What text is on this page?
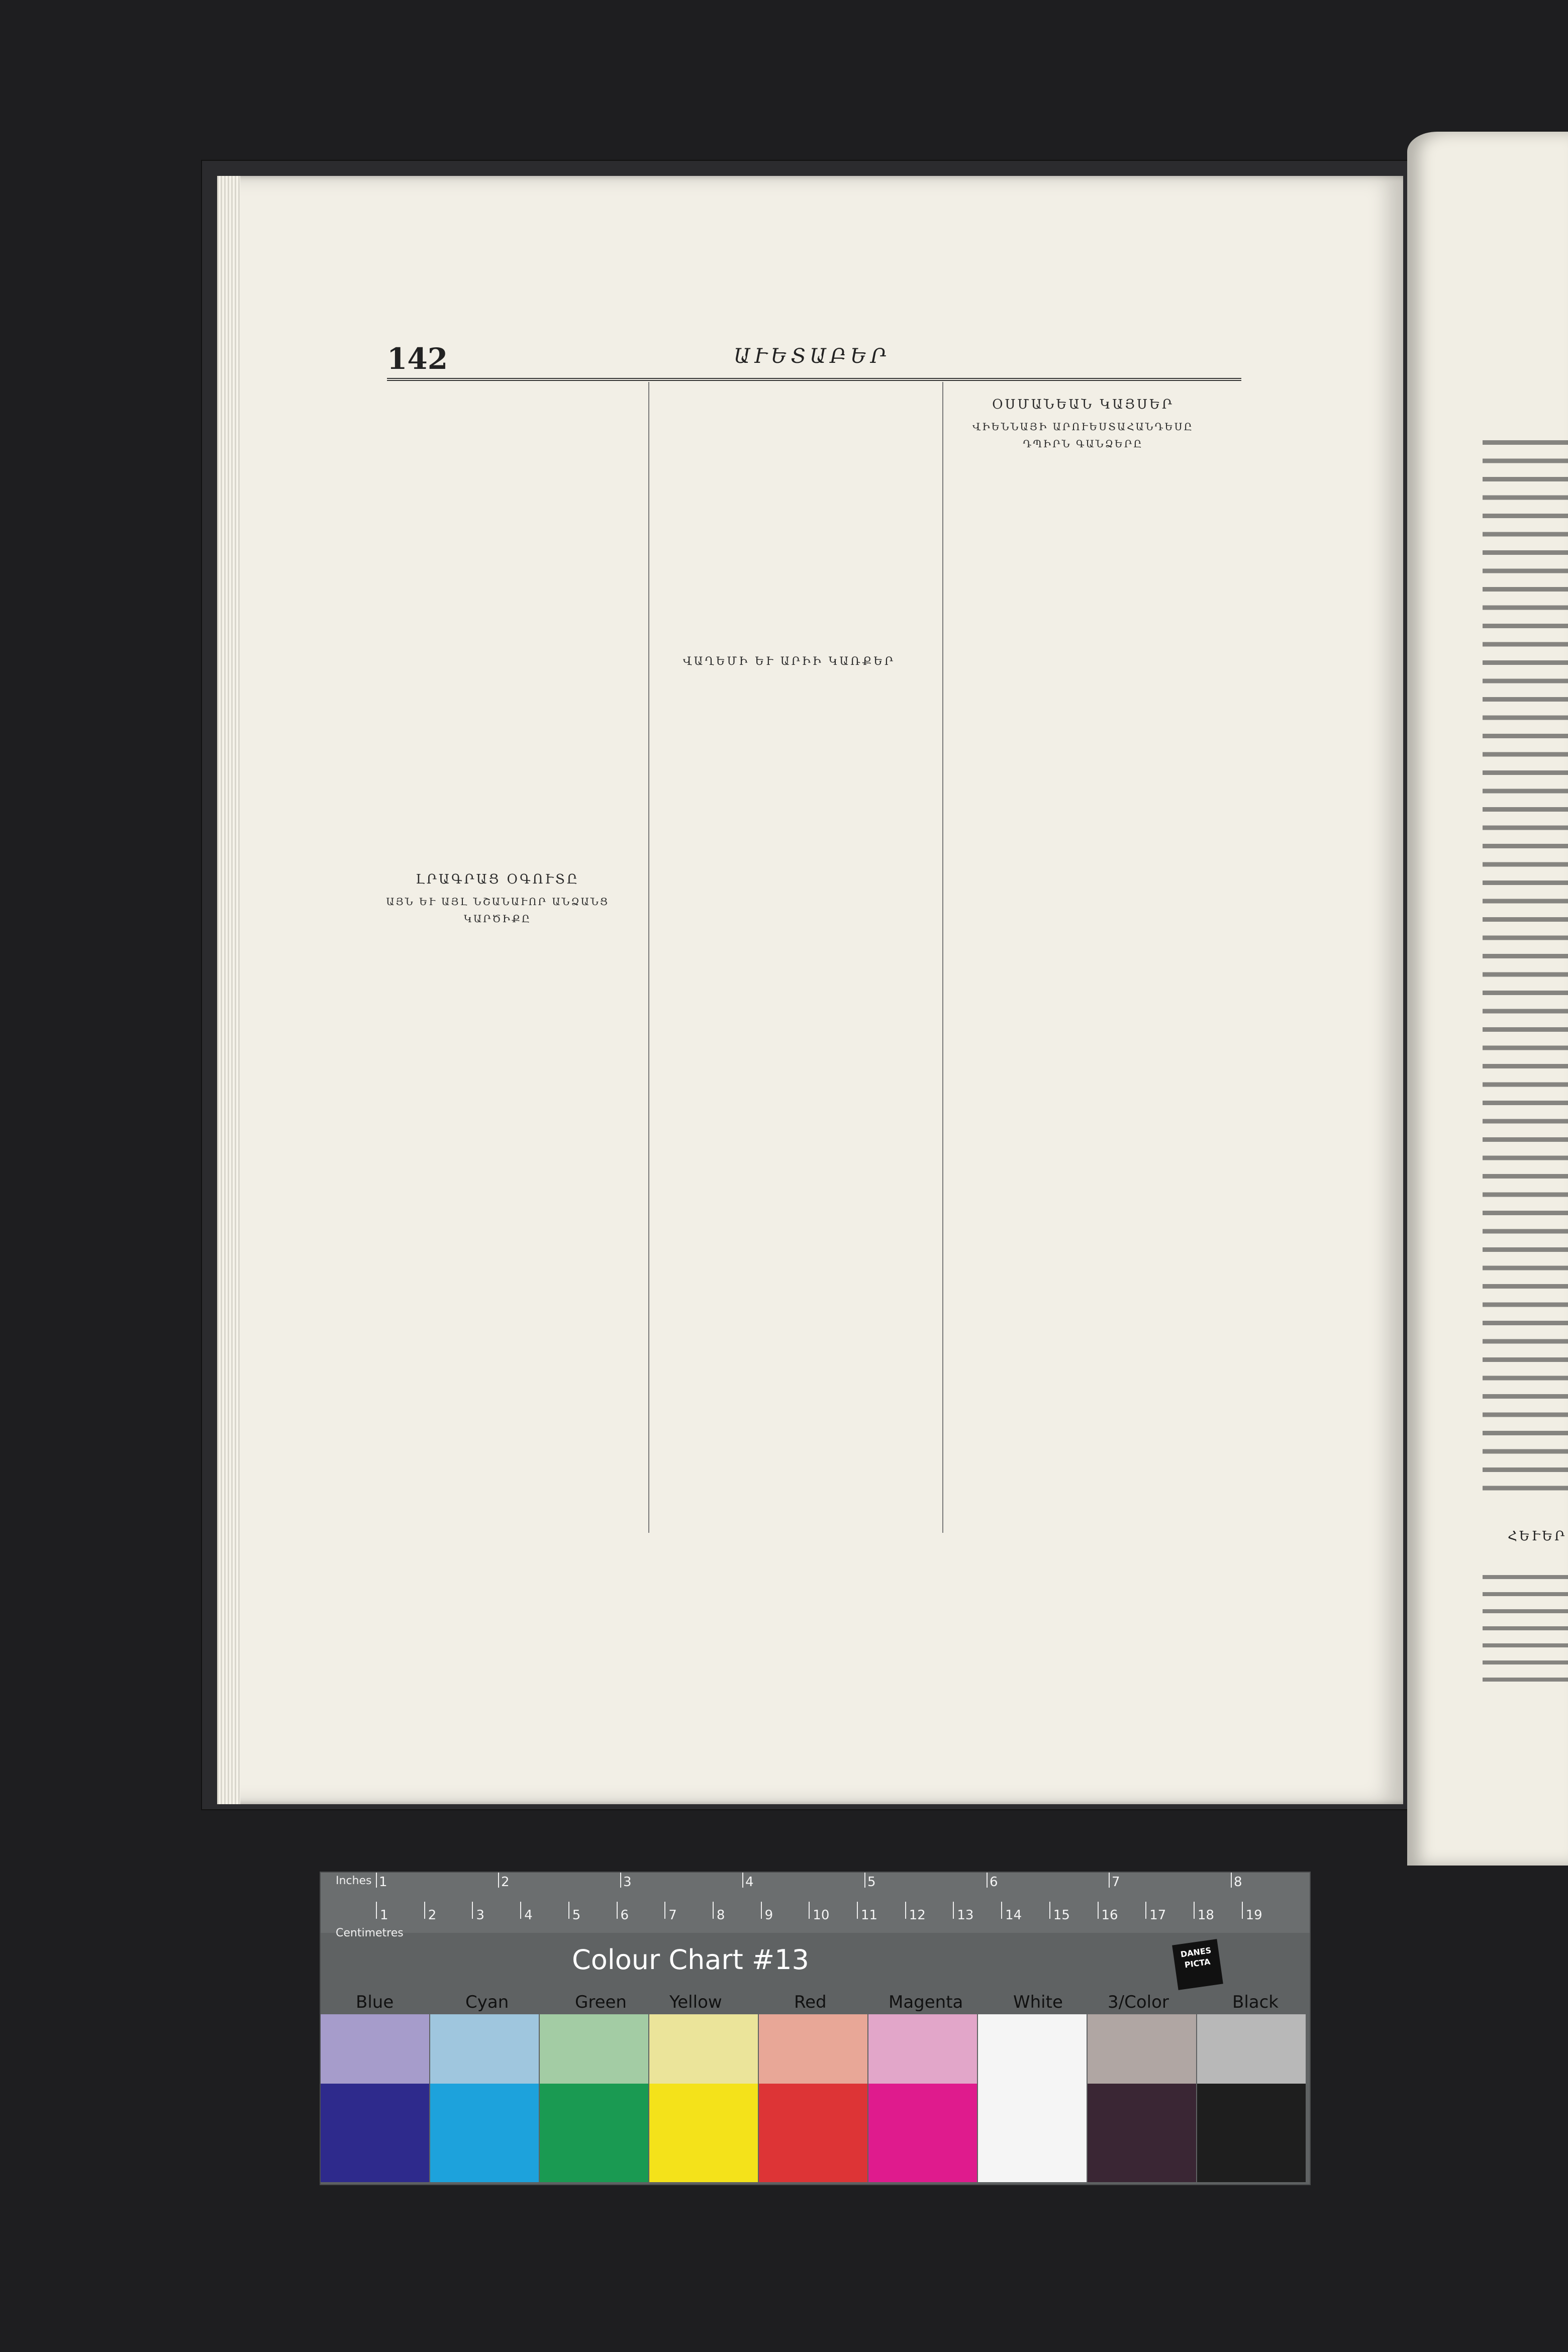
ՀԵՒԵՐ
142	ԱՒԵՏԱԲԵՐ
ԼՐԱԳՐԱՑ ՕԳՈՒՏԸ
ԱՅՆ ԵՒ ԱՅԼ ՆՇԱՆԱՒՈՐ ԱՆՁԱՆՑ ԿԱՐԾԻՔԸ
ՎԱՂԵՄԻ ԵՒ ԱՐԻԻ ԿԱՌՔԵՐ
ՕՍՄԱՆԵԱՆ ԿԱՅՍԵՐ
ՎԻԵՆՆԱՅԻ ԱՐՈՒԵՍՏԱՀԱՆԴԵՍԸ ԴՊԻՐՆ ԳԱՆՁԵՐԸ
Inches 1	2	3	4	5	6	7	8
1	2	3	4	5	6	7	8	9	10 11 12 13 14 15 16 17 18 19
Centimetres
Colour Chart #13	DANES
PICTA
Blue	Cyan	Green	Yellow	Red	Magenta	White	3/Color	Black
